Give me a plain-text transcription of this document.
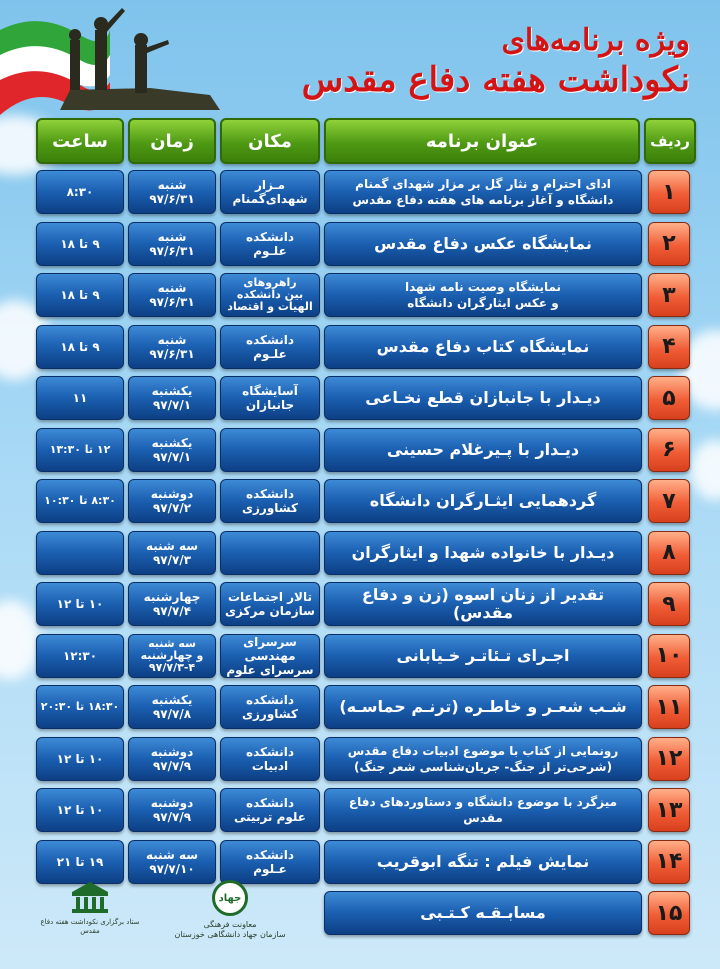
ویژه برنامه‌های
نکوداشت هفته دفاع مقدس
ردیف
عنوان برنامه
مکان
زمان
ساعت
۱
ادای احترام و نثار گل بر مزار شهدای گمنام
دانشگاه و آغاز برنامه های هفته دفاع مقدس
مـزار
شهدای‌گمنام
شنبه
۹۷/۶/۳۱
۸:۳۰
۲
نمایشگاه عکس دفاع مقدس
دانشکده
علـوم
شنبه
۹۷/۶/۳۱
۹ تا ۱۸
۳
نمایشگاه وصیت نامه شهدا
و عکس ایثارگران دانشگاه
راهروهای
بین دانشکده
الهیات و اقتصاد
شنبه
۹۷/۶/۳۱
۹ تا ۱۸
۴
نمایشگاه کتاب دفاع مقدس
دانشکده
علـوم
شنبه
۹۷/۶/۳۱
۹ تا ۱۸
۵
دیـدار با جانبازان قطع نخـاعی
آسایشگاه
جانبازان
یکشنبه
۹۷/۷/۱
۱۱
۶
دیـدار با پـیرغلام حسینی
یکشنبه
۹۷/۷/۱
۱۲ تا ۱۳:۳۰
۷
گردهمایی ایثـارگران دانشگاه
دانشکده
کشاورزی
دوشنبه
۹۷/۷/۲
۸:۳۰ تا ۱۰:۳۰
۸
دیـدار با خانواده شهدا و ایثارگران
سه شنبه
۹۷/۷/۳
۹
تقدیر از زنان اسوه (زن و دفاع مقدس)
تالار اجتماعات
سازمان مرکزی
چهارشنبه
۹۷/۷/۴
۱۰ تا ۱۲
۱۰
اجـرای تـئاتـر خـیابانی
سرسرای مهندسی
سرسرای علوم
سه شنبه
و چهارشنبه
۹۷/۷/۳-۴
۱۲:۳۰
۱۱
شـب شعـر و خاطـره (ترنـم حماسـه)
دانشکده
کشاورزی
یکشنبه
۹۷/۷/۸
۱۸:۳۰ تا ۲۰:۳۰
۱۲
رونمایی از کتاب با موضوع ادبیات دفاع مقدس
(شرحی‌تر از جنگ- جریان‌شناسی شعر جنگ)
دانشکده
ادبیات
دوشنبه
۹۷/۷/۹
۱۰ تا ۱۲
۱۳
میزگرد با موضوع دانشگاه و دستاوردهای دفاع مقدس
دانشکده
علوم تربیتی
دوشنبه
۹۷/۷/۹
۱۰ تا ۱۲
۱۴
نمایش فیلم : تنگه ابوقریب
دانشکده
عـلوم
سه شنبه
۹۷/۷/۱۰
۱۹ تا ۲۱
۱۵
مسابـقـه کـتـبی
جهاد
معاونت فرهنگی
سازمان جهاد دانشگاهی خوزستان
ستاد برگزاری نکوداشت هفته دفاع مقدس
